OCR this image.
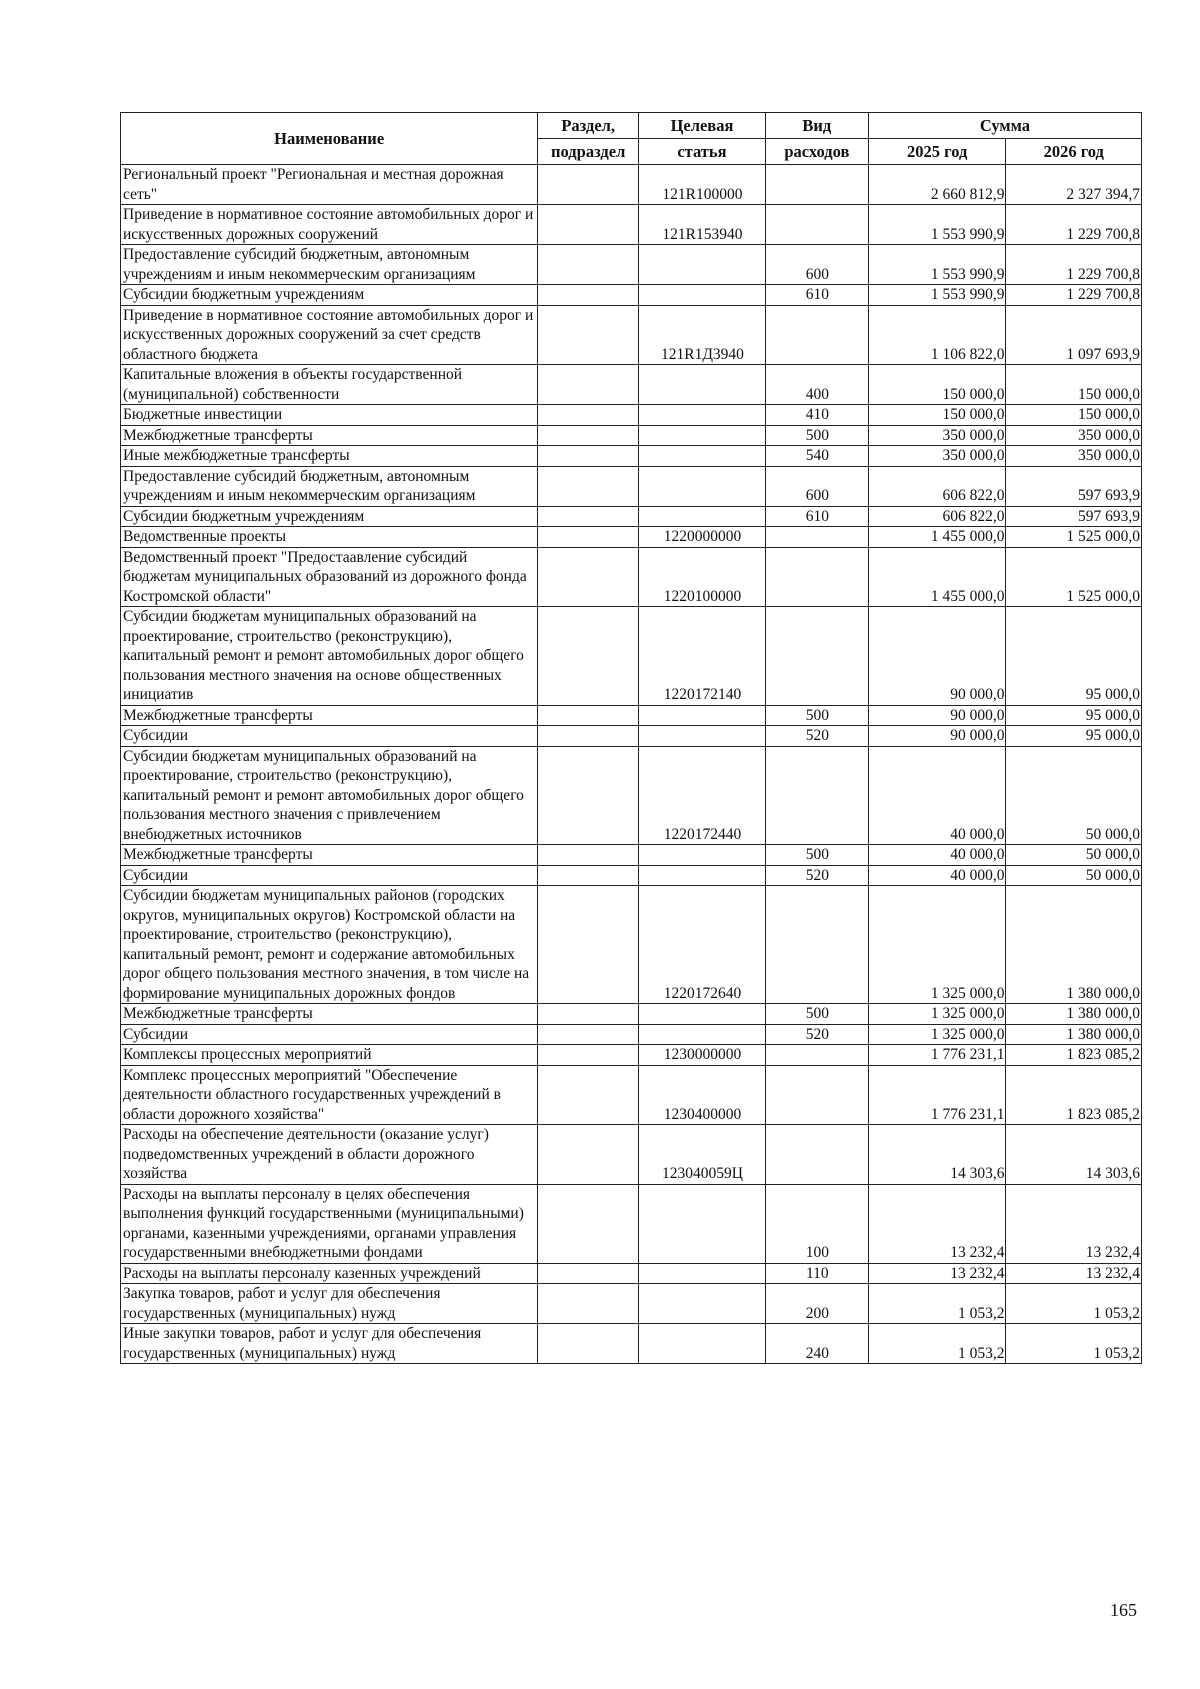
Наименование	Раздел,	Целевая	Вид	Сумма	
	подраздел	статья	расходов	2025 год	2026 год
Региональный проект "Региональная и местная дорожная сеть"		121R100000		2 660 812,9	2 327 394,7
Приведение в нормативное состояние автомобильных дорог и искусственных дорожных сооружений		121R153940		1 553 990,9	1 229 700,8
Предоставление субсидий бюджетным, автономным учреждениям и иным некоммерческим организациям			600	1 553 990,9	1 229 700,8
Субсидии бюджетным учреждениям			610	1 553 990,9	1 229 700,8
Приведение в нормативное состояние автомобильных дорог и искусственных дорожных сооружений за счет средств областного бюджета		121R1Д3940		1 106 822,0	1 097 693,9
Капитальные вложения в объекты государственной (муниципальной) собственности			400	150 000,0	150 000,0
Бюджетные инвестиции			410	150 000,0	150 000,0
Межбюджетные трансферты			500	350 000,0	350 000,0
Иные межбюджетные трансферты			540	350 000,0	350 000,0
Предоставление субсидий бюджетным, автономным учреждениям и иным некоммерческим организациям			600	606 822,0	597 693,9
Субсидии бюджетным учреждениям			610	606 822,0	597 693,9
Ведомственные проекты		1220000000		1 455 000,0	1 525 000,0
Ведомственный проект "Предостаавление субсидий бюджетам муниципальных образований из дорожного фонда Костромской области"		1220100000		1 455 000,0	1 525 000,0
Субсидии бюджетам муниципальных образований на проектирование, строительство (реконструкцию), капитальный ремонт и ремонт автомобильных дорог общего пользования местного значения на основе общественных инициатив		1220172140		90 000,0	95 000,0
Межбюджетные трансферты			500	90 000,0	95 000,0
Субсидии			520	90 000,0	95 000,0
Субсидии бюджетам муниципальных образований на проектирование, строительство (реконструкцию), капитальный ремонт и ремонт автомобильных дорог общего пользования местного значения с привлечением внебюджетных источников		1220172440		40 000,0	50 000,0
Межбюджетные трансферты			500	40 000,0	50 000,0
Субсидии			520	40 000,0	50 000,0
Субсидии бюджетам муниципальных районов (городских округов, муниципальных округов) Костромской области на проектирование, строительство (реконструкцию), капитальный ремонт, ремонт и содержание автомобильных дорог общего пользования местного значения, в том числе на формирование муниципальных дорожных фондов		1220172640		1 325 000,0	1 380 000,0
Межбюджетные трансферты			500	1 325 000,0	1 380 000,0
Субсидии			520	1 325 000,0	1 380 000,0
Комплексы процессных мероприятий		1230000000		1 776 231,1	1 823 085,2
Комплекс процессных мероприятий "Обеспечение деятельности областного государственных учреждений в области дорожного хозяйства"		1230400000		1 776 231,1	1 823 085,2
Расходы на обеспечение деятельности (оказание услуг) подведомственных учреждений в области дорожного хозяйства		123040059Ц		14 303,6	14 303,6
Расходы на выплаты персоналу в целях обеспечения выполнения функций государственными (муниципальными) органами, казенными учреждениями, органами управления государственными внебюджетными фондами			100	13 232,4	13 232,4
Расходы на выплаты персоналу казенных учреждений			110	13 232,4	13 232,4
Закупка товаров, работ и услуг для обеспечения государственных (муниципальных) нужд			200	1 053,2	1 053,2
Иные закупки товаров, работ и услуг для обеспечения государственных (муниципальных) нужд			240	1 053,2	1 053,2
165
